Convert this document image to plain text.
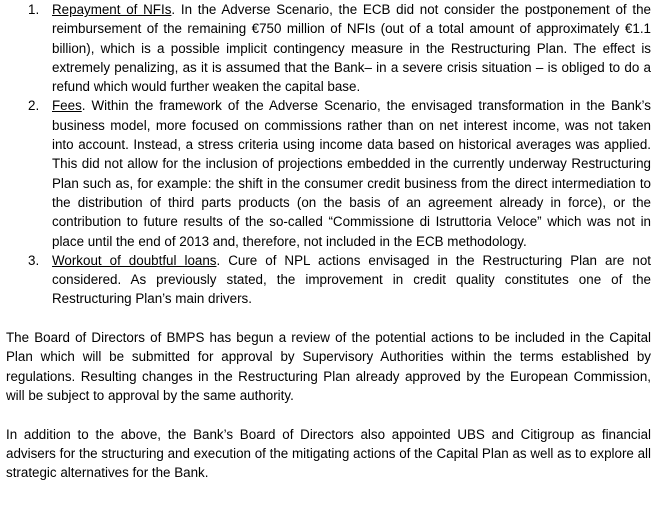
1. Repayment of NFIs. In the Adverse Scenario, the ECB did not consider the postponement of the reimbursement of the remaining €750 million of NFIs (out of a total amount of approximately €1.1 billion), which is a possible implicit contingency measure in the Restructuring Plan. The effect is extremely penalizing, as it is assumed that the Bank– in a severe crisis situation – is obliged to do a refund which would further weaken the capital base.
2. Fees. Within the framework of the Adverse Scenario, the envisaged transformation in the Bank’s business model, more focused on commissions rather than on net interest income, was not taken into account. Instead, a stress criteria using income data based on historical averages was applied. This did not allow for the inclusion of projections embedded in the currently underway Restructuring Plan such as, for example: the shift in the consumer credit business from the direct intermediation to the distribution of third parts products (on the basis of an agreement already in force), or the contribution to future results of the so-called “Commissione di Istruttoria Veloce” which was not in place until the end of 2013 and, therefore, not included in the ECB methodology.
3. Workout of doubtful loans. Cure of NPL actions envisaged in the Restructuring Plan are not considered. As previously stated, the improvement in credit quality constitutes one of the Restructuring Plan’s main drivers.

The Board of Directors of BMPS has begun a review of the potential actions to be included in the Capital Plan which will be submitted for approval by Supervisory Authorities within the terms established by regulations. Resulting changes in the Restructuring Plan already approved by the European Commission, will be subject to approval by the same authority.

In addition to the above, the Bank’s Board of Directors also appointed UBS and Citigroup as financial advisers for the structuring and execution of the mitigating actions of the Capital Plan as well as to explore all strategic alternatives for the Bank.
